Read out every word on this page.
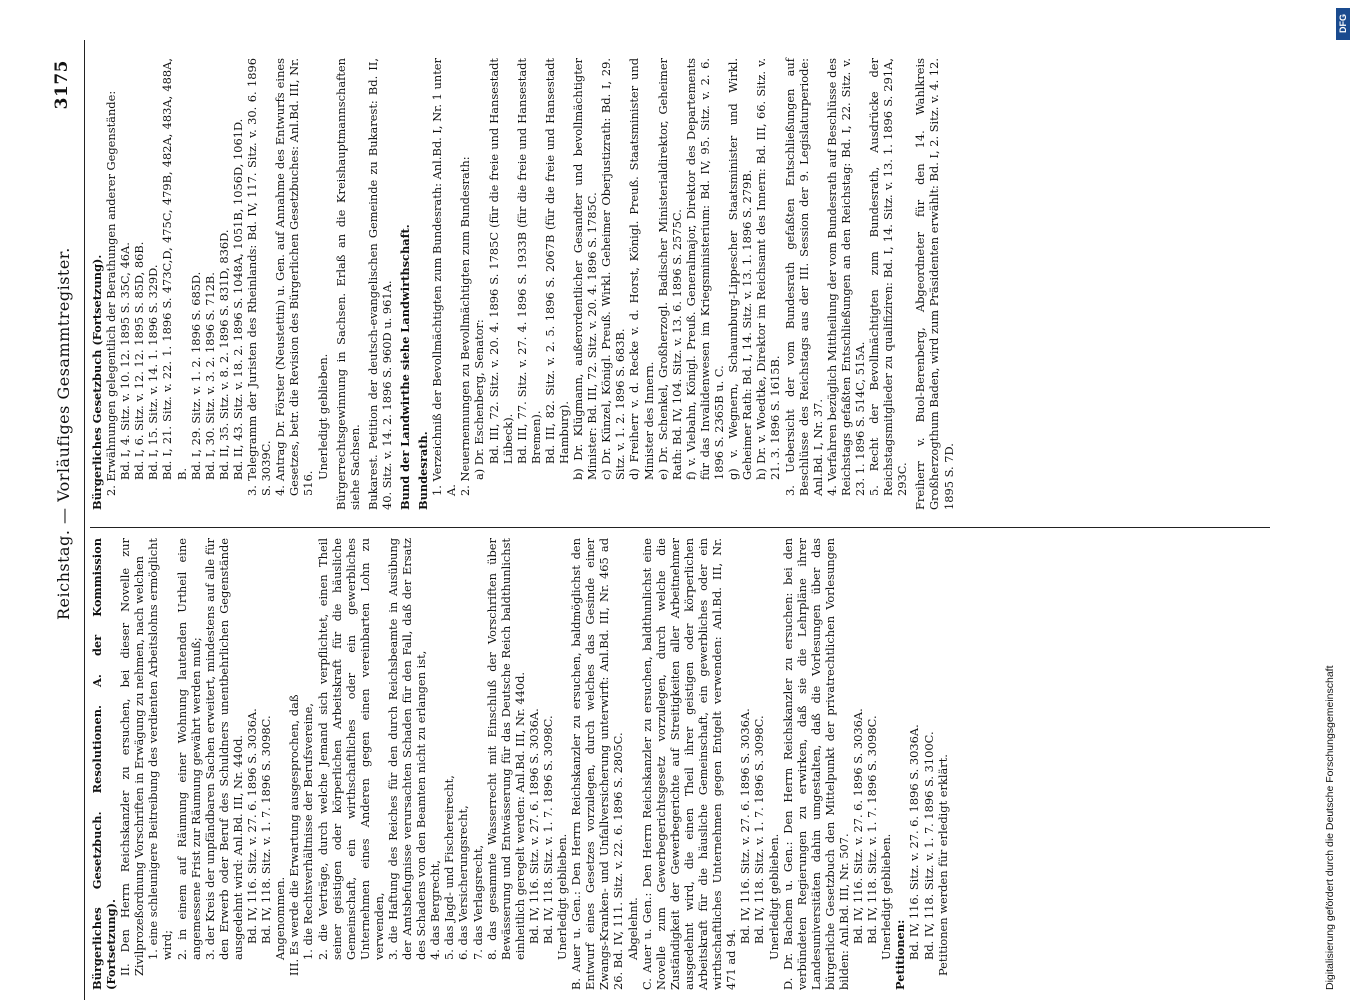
Reichstag. — Vorläufiges Gesammtregister.
3175

Bürgerliches Gesetzbuch. Resolutionen. A. der Kommission (Fortsetzung). II. Den Herrn Reichskanzler zu ersuchen, bei dieser Novelle zur Zivilprozeßordnung Vorschriften in Erwägung zu nehmen, nach welchen 1. eine schleunigere Beitreibung des verdienten Arbeitslohns ermöglicht wird; 2. in einem auf Räumung einer Wohnung lautenden Urtheil eine angemessene Frist zur Räumung gewährt werden muß; 3. der Kreis der unpfändbaren Sachen erweitert, mindestens auf alle für den Erwerb oder Beruf des Schuldners unentbehrlichen Gegenstände ausgedehnt wird: Anl.Bd. III, Nr. 440d. Bd. IV, 116. Sitz. v. 27. 6. 1896 S. 3036A. Bd. IV, 118. Sitz. v. 1. 7. 1896 S. 3098C. Angenommen. III. Es werde die Erwartung ausgesprochen, daß 1. die Rechtsverhältnisse der Berufsvereine, 2. die Verträge, durch welche Jemand sich verpflichtet, einen Theil seiner geistigen oder körperlichen Arbeitskraft für die häusliche Gemeinschaft, ein wirthschaftliches oder ein gewerbliches Unternehmen eines Anderen gegen einen vereinbarten Lohn zu verwenden, 3. die Haftung des Reiches für den durch Reichsbeamte in Ausübung der Amtsbefugnisse verursachten Schaden für den Fall, daß der Ersatz des Schadens von den Beamten nicht zu erlangen ist, 4. das Bergrecht, 5. das Jagd- und Fischereirecht, 6. das Versicherungsrecht, 7. das Verlagsrecht, 8. das gesammte Wasserrecht mit Einschluß der Vorschriften über Bewässerung und Entwässerung für das Deutsche Reich baldthunlichst einheitlich geregelt werden: Anl.Bd. III, Nr. 440d. Bd. IV, 116. Sitz. v. 27. 6. 1896 S. 3036A. Bd. IV, 118. Sitz. v. 1. 7. 1896 S. 3098C. Unerledigt geblieben. B. Auer u. Gen.: Den Herrn Reichskanzler zu ersuchen, baldmöglichst den Entwurf eines Gesetzes vorzulegen, durch welches das Gesinde einer Zwangs-Kranken- und Unfallversicherung unterwirft: Anl.Bd. III, Nr. 465 ad 26. Bd. IV, 111. Sitz. v. 22. 6. 1896 S. 2805C. Abgelehnt. C. Auer u. Gen.: Den Herrn Reichskanzler zu ersuchen, baldthunlichst eine Novelle zum Gewerbegerichtsgesetz vorzulegen, durch welche die Zuständigkeit der Gewerbegerichte auf Streitigkeiten aller Arbeitnehmer ausgedehnt wird, die einen Theil ihrer geistigen oder körperlichen Arbeitskraft für die häusliche Gemeinschaft, ein gewerbliches oder ein wirthschaftliches Unternehmen gegen Entgelt verwenden: Anl.Bd. III, Nr. 471 ad 94.

Bd. IV, 116. Sitz. v. 27. 6. 1896 S. 3036A. Bd. IV, 118. Sitz. v. 1. 7. 1896 S. 3098C. Unerledigt geblieben. D. Dr. Bachem u. Gen.: Den Herrn Reichskanzler zu ersuchen: bei den verbündeten Regierungen zu erwirken, daß sie die Lehrpläne ihrer Landesuniversitäten dahin umgestalten, daß die Vorlesungen über das bürgerliche Gesetzbuch den Mittelpunkt der privatrechtlichen Vorlesungen bilden: Anl.Bd. III, Nr. 507. Bd. IV, 116. Sitz. v. 27. 6. 1896 S. 3036A. Bd. IV, 118. Sitz. v. 1. 7. 1896 S. 3098C. Unerledigt geblieben. Petitionen: Bd. IV, 116. Sitz. v. 27. 6. 1896 S. 3036A. Bd. IV, 118. Sitz. v. 1. 7. 1896 S. 3100C. Petitionen werden für erledigt erklärt.

Bürgerliches Gesetzbuch (Fortsetzung). 2. Erwähnungen gelegentlich der Berathungen anderer Gegenstände: Bd. I, 4. Sitz. v. 10. 12. 1895 S. 35C, 46A. Bd. I, 6. Sitz. v. 12. 12. 1895 S. 85D, 86B. Bd. I, 15. Sitz. v. 14. 1. 1896 S. 329D. Bd. I, 21. Sitz. v. 22. 1. 1896 S. 473C,D, 475C, 479B, 482A, 483A, 488A, B. Bd. I, 29. Sitz. v. 1. 2. 1896 S. 685D. Bd. I, 30. Sitz. v. 3. 2. 1896 S. 712B. Bd. II, 35. Sitz. v. 8. 2. 1896 S. 831D, 836D. Bd. II, 43. Sitz. v. 18. 2. 1896 S. 1048A, 1051B, 1056D, 1061D. 3. Telegramm der Juristen des Rheinlands: Bd. IV, 117. Sitz. v. 30. 6. 1896 S. 3039C. 4. Antrag Dr. Förster (Neustettin) u. Gen. auf Annahme des Entwurfs eines Gesetzes, betr. die Revision des Bürgerlichen Gesetzbuches: Anl.Bd. III, Nr. 516.

Unerledigt geblieben. Bürgerrechtsgewinnung in Sachsen. Erlaß an die Kreishauptmannschaften siehe Sachsen. Bukarest. Petition der deutsch-evangelischen Gemeinde zu Bukarest: Bd. II, 40. Sitz. v. 14. 2. 1896 S. 960D u. 961A. Bund der Landwirthe siehe Landwirthschaft. Bundesrath. 1. Verzeichniß der Bevollmächtigten zum Bundesrath: Anl.Bd. I, Nr. 1 unter A. 2. Neuernennungen zu Bevollmächtigten zum Bundesrath: a) Dr. Eschenberg, Senator: Bd. III, 72. Sitz. v. 20. 4. 1896 S. 1785C (für die freie und Hansestadt Lübeck). Bd. III, 77. Sitz. v. 27. 4. 1896 S. 1933B (für die freie und Hansestadt Bremen). Bd. III, 82. Sitz. v. 2. 5. 1896 S. 2067B (für die freie und Hansestadt Hamburg). b) Dr. Klügmann, außerordentlicher Gesandter und bevollmächtigter Minister: Bd. III, 72. Sitz. v. 20. 4. 1896 S. 1785C. c) Dr. Künzel, Königl. Preuß. Wirkl. Geheimer Oberjustizrath: Bd. I, 29. Sitz. v. 1. 2. 1896 S. 683B. d) Freiherr v. d. Recke v. d. Horst, Königl. Preuß. Staatsminister und Minister des Innern. e) Dr. Schenkel, Großherzogl. Badischer Ministerialdirektor, Geheimer Rath: Bd. IV, 104. Sitz. v. 13. 6. 1896 S. 2575C. f) v. Viebahn, Königl. Preuß. Generalmajor, Direktor des Departements für das Invalidenwesen im Kriegsministerium: Bd. IV, 95. Sitz. v. 2. 6. 1896 S. 2365B u. C. g) v. Wegnern, Schaumburg-Lippescher Staatsminister und Wirkl. Geheimer Rath: Bd. I, 14. Sitz. v. 13. 1. 1896 S. 279B. h) Dr. v. Woedtke, Direktor im Reichsamt des Innern: Bd. III, 66. Sitz. v. 21. 3. 1896 S. 1615B. 3. Uebersicht der vom Bundesrath gefaßten Entschließungen auf Beschlüsse des Reichstags aus der III. Session der 9. Legislaturperiode: Anl.Bd. I, Nr. 37. 4. Verfahren bezüglich Mittheilung der vom Bundesrath auf Beschlüsse des Reichstags gefaßten Entschließungen an den Reichstag: Bd. I, 22. Sitz. v. 23. 1. 1896 S. 514C, 515A. 5. Recht der Bevollmächtigten zum Bundesrath, Ausdrücke der Reichstagsmitglieder zu qualifiziren: Bd. I, 14. Sitz. v. 13. 1. 1896 S. 291A, 293C. Freiherr v. Buol-Berenberg, Abgeordneter für den 14. Wahlkreis Großherzogthum Baden, wird zum Präsidenten erwählt: Bd. I, 2. Sitz. v. 4. 12. 1895 S. 7D.

Digitalisierung gefördert durch die Deutsche Forschungsgemeinschaft
DFG
